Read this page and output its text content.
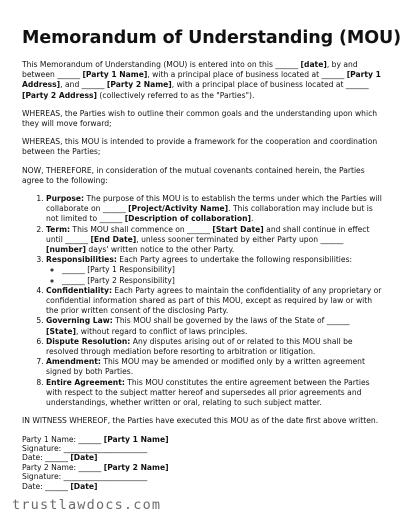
Memorandum of Understanding (MOU)

This Memorandum of Understanding (MOU) is entered into on this ______ [date], by and between ______ [Party 1 Name], with a principal place of business located at ______ [Party 1 Address], and ______ [Party 2 Name], with a principal place of business located at ______ [Party 2 Address] (collectively referred to as the "Parties").

WHEREAS, the Parties wish to outline their common goals and the understanding upon which they will move forward;

WHEREAS, this MOU is intended to provide a framework for the cooperation and coordination between the Parties;

NOW, THEREFORE, in consideration of the mutual covenants contained herein, the Parties agree to the following:

1. Purpose: The purpose of this MOU is to establish the terms under which the Parties will collaborate on ______ [Project/Activity Name]. This collaboration may include but is not limited to ______ [Description of collaboration].
2. Term: This MOU shall commence on ______ [Start Date] and shall continue in effect until ______ [End Date], unless sooner terminated by either Party upon ______ [number] days' written notice to the other Party.
3. Responsibilities: Each Party agrees to undertake the following responsibilities:
◦ ______ [Party 1 Responsibility]
◦ ______ [Party 2 Responsibility]
4. Confidentiality: Each Party agrees to maintain the confidentiality of any proprietary or confidential information shared as part of this MOU, except as required by law or with the prior written consent of the disclosing Party.
5. Governing Law: This MOU shall be governed by the laws of the State of ______ [State], without regard to conflict of laws principles.
6. Dispute Resolution: Any disputes arising out of or related to this MOU shall be resolved through mediation before resorting to arbitration or litigation.
7. Amendment: This MOU may be amended or modified only by a written agreement signed by both Parties.
8. Entire Agreement: This MOU constitutes the entire agreement between the Parties with respect to the subject matter hereof and supersedes all prior agreements and understandings, whether written or oral, relating to such subject matter.

IN WITNESS WHEREOF, the Parties have executed this MOU as of the date first above written.

Party 1 Name: ______ [Party 1 Name]
Signature: ______________________
Date: ______ [Date]
Party 2 Name: ______ [Party 2 Name]
Signature: ______________________
Date: ______ [Date]
trustlawdocs.com
